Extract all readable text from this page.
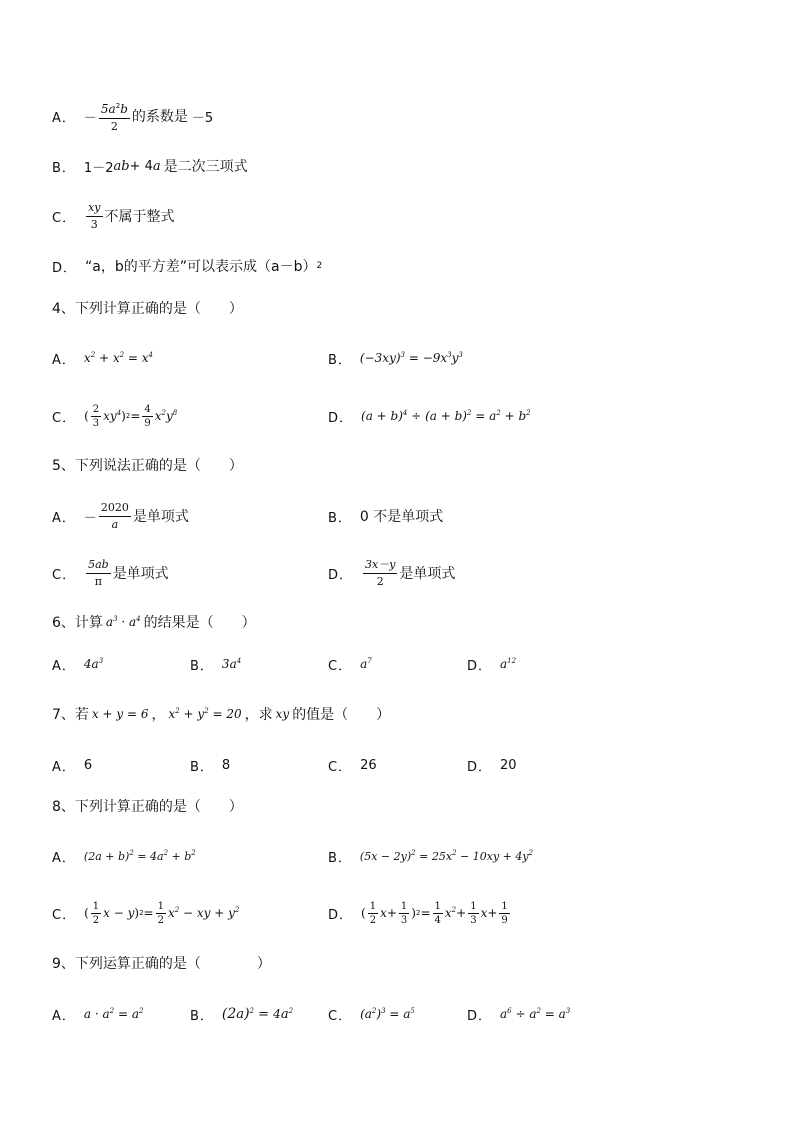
A． － $\frac{5a^2b}{2}$ 的系数是 －5
B． 1－2 ab + 4 a 是二次三项式
C． $\frac{xy}{3}$ 不属于整式
D． “a，b的平方差”可以表示成（a－b） 2
4、下列计算正确的是（　　）
A． $x^2 + x^2 = x^4$	B． $(-3xy)^3 = -9x^3y^3$
C． ( $\frac{2}{3} xy^4$ ) $2 = \frac{4}{9} x^2y^8$	D． $(a + b)^4 \div (a + b)^2 = a^2 + b^2$
5、下列说法正确的是（　　）
A． － $\frac{2020}{a}$ 是单项式	B． 0 不是单项式
C． $\frac{5ab}{\pi}$ 是单项式	D． $\frac{3x-y}{2}$ 是单项式
6、计算 $a^3 \cdot a^4$ 的结果是（　　）
A． $4a^3$	B． $3a^4$	C． $a^7$	D． $a^{12}$
7、若 x + y = 6 ， $x^2 + y^2 = 20$ ，求 xy 的值是（　　）
A． 6	B． 8	C． 26	D． 20
8、下列计算正确的是（　　）
A． $(2a + b)^2 = 4a^2 + b^2$	B． $(5x - 2y)^2 = 25x^2 - 10xy + 4y^2$
C． ( $\frac{1}{2}$ x − y ) $2 = \frac{1}{2} x^2$ − xy + $y^2$	D． ( $\frac{1}{2}$ $x + \frac{1}{3}$ ) $2 = \frac{1}{4} x^2 + \frac{1}{3}$ $x + \frac{1}{9}$
9、下列运算正确的是（　　　　）
A． $a \cdot a^2 = a^2$	B． $(2a)^2 = 4a^2$	C． $(a^2)^3 = a^5$	D． $a^6 \div a^2 = a^3$
